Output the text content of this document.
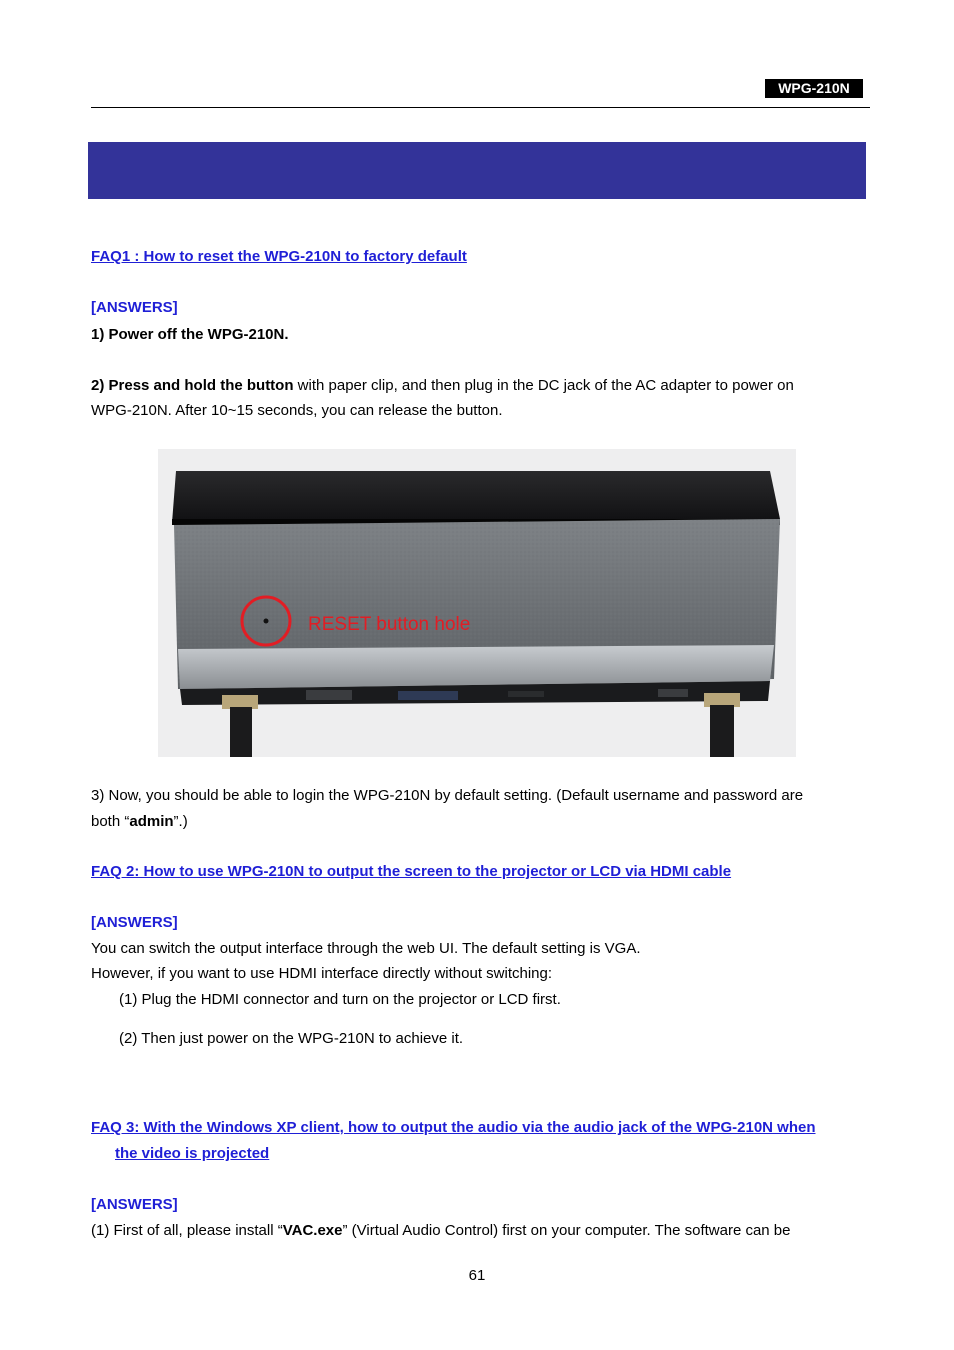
WPG-210N
FAQ1 : How to reset the WPG-210N to factory default
[ANSWERS]
1) Power off the WPG-210N.
2) Press and hold the button with paper clip, and then plug in the DC jack of the AC adapter to power on
WPG-210N. After 10~15 seconds, you can release the button.
RESET button hole
3) Now, you should be able to login the WPG-210N by default setting. (Default username and password are
both “admin”.)
FAQ 2: How to use WPG-210N to output the screen to the projector or LCD via HDMI cable
[ANSWERS]
You can switch the output interface through the web UI. The default setting is VGA.
However, if you want to use HDMI interface directly without switching:
(1) Plug the HDMI connector and turn on the projector or LCD first.
(2) Then just power on the WPG-210N to achieve it.
FAQ 3: With the Windows XP client, how to output the audio via the audio jack of the WPG-210N when
the video is projected
[ANSWERS]
(1) First of all, please install “VAC.exe” (Virtual Audio Control) first on your computer. The software can be
61
